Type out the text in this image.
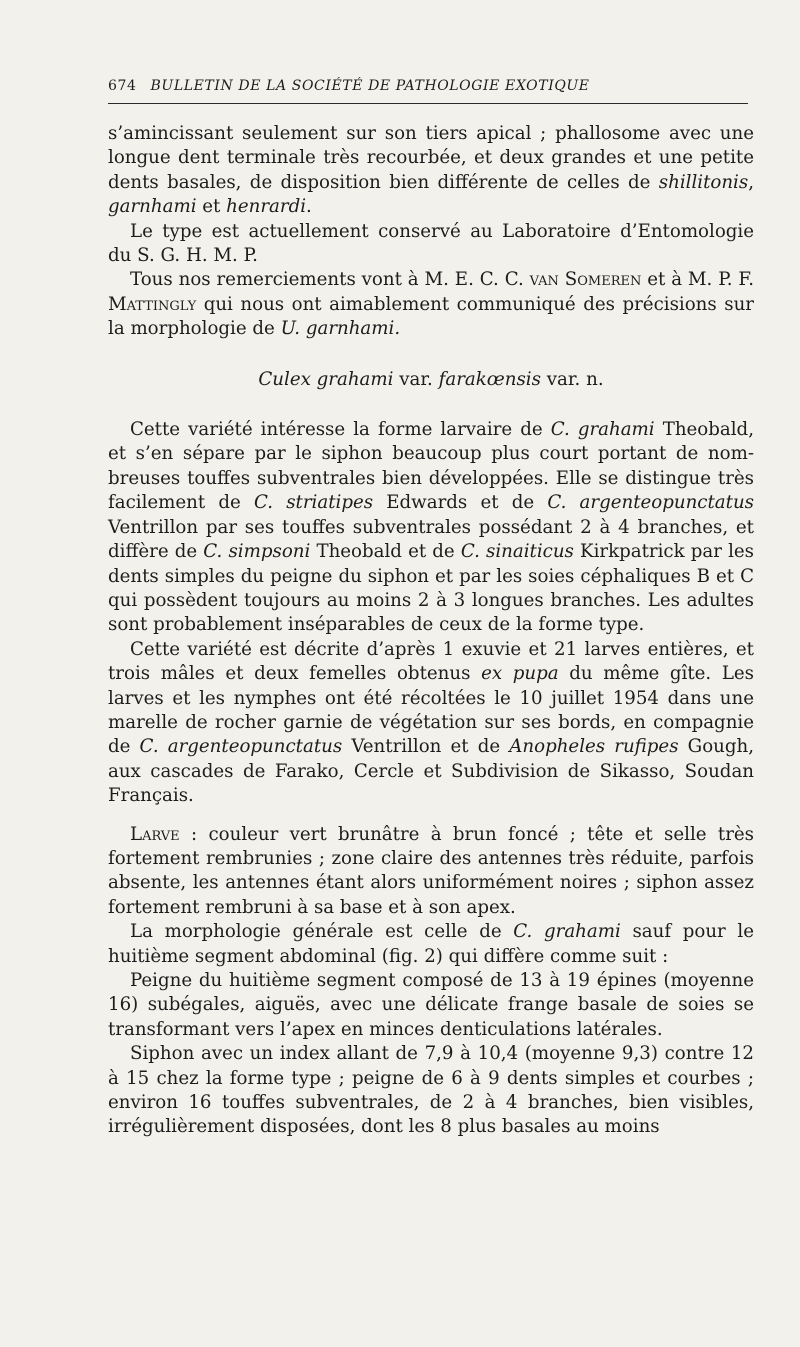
674 BULLETIN DE LA SOCIÉTÉ DE PATHOLOGIE EXOTIQUE

s’amincissant seulement sur son tiers apical ; phallosome avec une longue dent terminale très recourbée, et deux grandes et une petite dents basales, de disposition bien différente de celles de shillitonis, garnhami et henrardi.

Le type est actuellement conservé au Laboratoire d’Entomologie du S. G. H. M. P.

Tous nos remerciements vont à M. E. C. C. van Someren et à M. P. F. Mattingly qui nous ont aimablement communiqué des précisions sur la morphologie de U. garnhami.

Culex grahami var. farakœnsis var. n.

Cette variété intéresse la forme larvaire de C. grahami Theobald, et s’en sépare par le siphon beaucoup plus court portant de nombreuses touffes subventrales bien développées. Elle se distingue très facilement de C. striatipes Edwards et de C. argenteopunctatus Ventrillon par ses touffes subventrales possédant 2 à 4 branches, et diffère de C. simpsoni Theobald et de C. sinaiticus Kirkpatrick par les dents simples du peigne du siphon et par les soies céphaliques B et C qui possèdent toujours au moins 2 à 3 longues branches. Les adultes sont probablement inséparables de ceux de la forme type.

Cette variété est décrite d’après 1 exuvie et 21 larves entières, et trois mâles et deux femelles obtenus ex pupa du même gîte. Les larves et les nymphes ont été récoltées le 10 juillet 1954 dans une marelle de rocher garnie de végétation sur ses bords, en compagnie de C. argenteopunctatus Ventrillon et de Anopheles rufipes Gough, aux cascades de Farako, Cercle et Subdivision de Sikasso, Soudan Français.

Larve : couleur vert brunâtre à brun foncé ; tête et selle très fortement rembrunies ; zone claire des antennes très réduite, parfois absente, les antennes étant alors uniformément noires ; siphon assez fortement rembruni à sa base et à son apex.

La morphologie générale est celle de C. grahami sauf pour le huitième segment abdominal (fig. 2) qui diffère comme suit :

Peigne du huitième segment composé de 13 à 19 épines (moyenne 16) subégales, aiguës, avec une délicate frange basale de soies se transformant vers l’apex en minces denticulations latérales.

Siphon avec un index allant de 7,9 à 10,4 (moyenne 9,3) contre 12 à 15 chez la forme type ; peigne de 6 à 9 dents simples et courbes ; environ 16 touffes subventrales, de 2 à 4 branches, bien visibles, irrégulièrement disposées, dont les 8 plus basales au moins
